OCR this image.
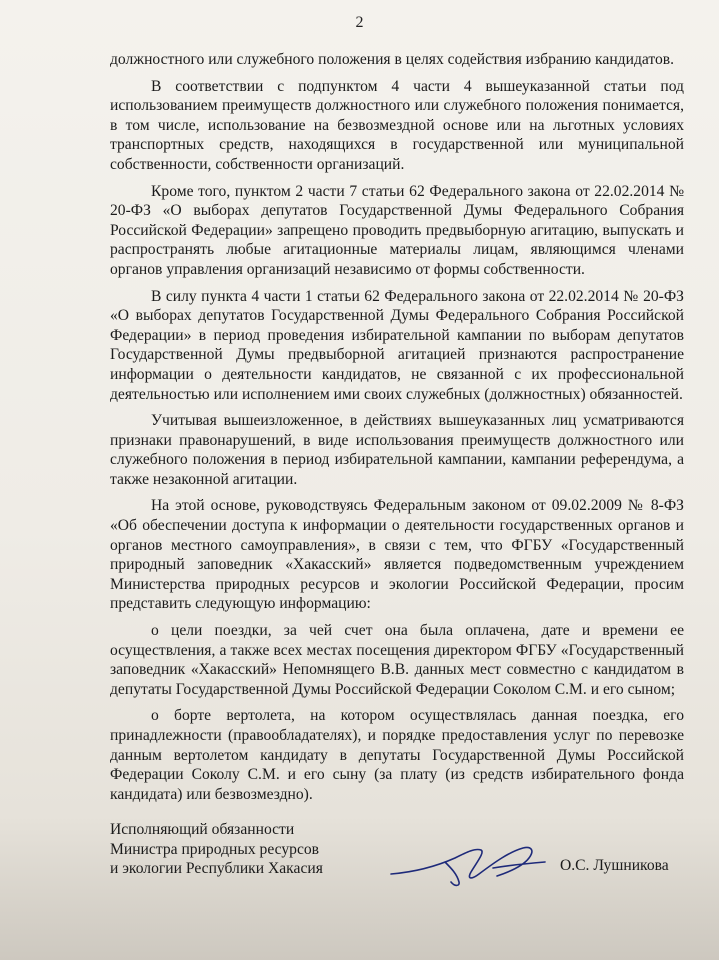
2

должностного или служебного положения в целях содействия избранию кандидатов.

В соответствии с подпунктом 4 части 4 вышеуказанной статьи под использованием преимуществ должностного или служебного положения понимается, в том числе, использование на безвозмездной основе или на льготных условиях транспортных средств, находящихся в государственной или муниципальной собственности, собственности организаций.

Кроме того, пунктом 2 части 7 статьи 62 Федерального закона от 22.02.2014 № 20-ФЗ «О выборах депутатов Государственной Думы Федерального Собрания Российской Федерации» запрещено проводить предвыборную агитацию, выпускать и распространять любые агитационные материалы лицам, являющимся членами органов управления организаций независимо от формы собственности.

В силу пункта 4 части 1 статьи 62 Федерального закона от 22.02.2014 № 20-ФЗ «О выборах депутатов Государственной Думы Федерального Собрания Российской Федерации» в период проведения избирательной кампании по выборам депутатов Государственной Думы предвыборной агитацией признаются распространение информации о деятельности кандидатов, не связанной с их профессиональной деятельностью или исполнением ими своих служебных (должностных) обязанностей.

Учитывая вышеизложенное, в действиях вышеуказанных лиц усматриваются признаки правонарушений, в виде использования преимуществ должностного или служебного положения в период избирательной кампании, кампании референдума, а также незаконной агитации.

На этой основе, руководствуясь Федеральным законом от 09.02.2009 № 8-ФЗ «Об обеспечении доступа к информации о деятельности государственных органов и органов местного самоуправления», в связи с тем, что ФГБУ «Государственный природный заповедник «Хакасский» является подведомственным учреждением Министерства природных ресурсов и экологии Российской Федерации, просим представить следующую информацию:

о цели поездки, за чей счет она была оплачена, дате и времени ее осуществления, а также всех местах посещения директором ФГБУ «Государственный заповедник «Хакасский» Непомнящего В.В. данных мест совместно с кандидатом в депутаты Государственной Думы Российской Федерации Соколом С.М. и его сыном;

о борте вертолета, на котором осуществлялась данная поездка, его принадлежности (правообладателях), и порядке предоставления услуг по перевозке данным вертолетом кандидату в депутаты Государственной Думы Российской Федерации Соколу С.М. и его сыну (за плату (из средств избирательного фонда кандидата) или безвозмездно).

Исполняющий обязанности
Министра природных ресурсов
и экологии Республики Хакасия	О.С. Лушникова
